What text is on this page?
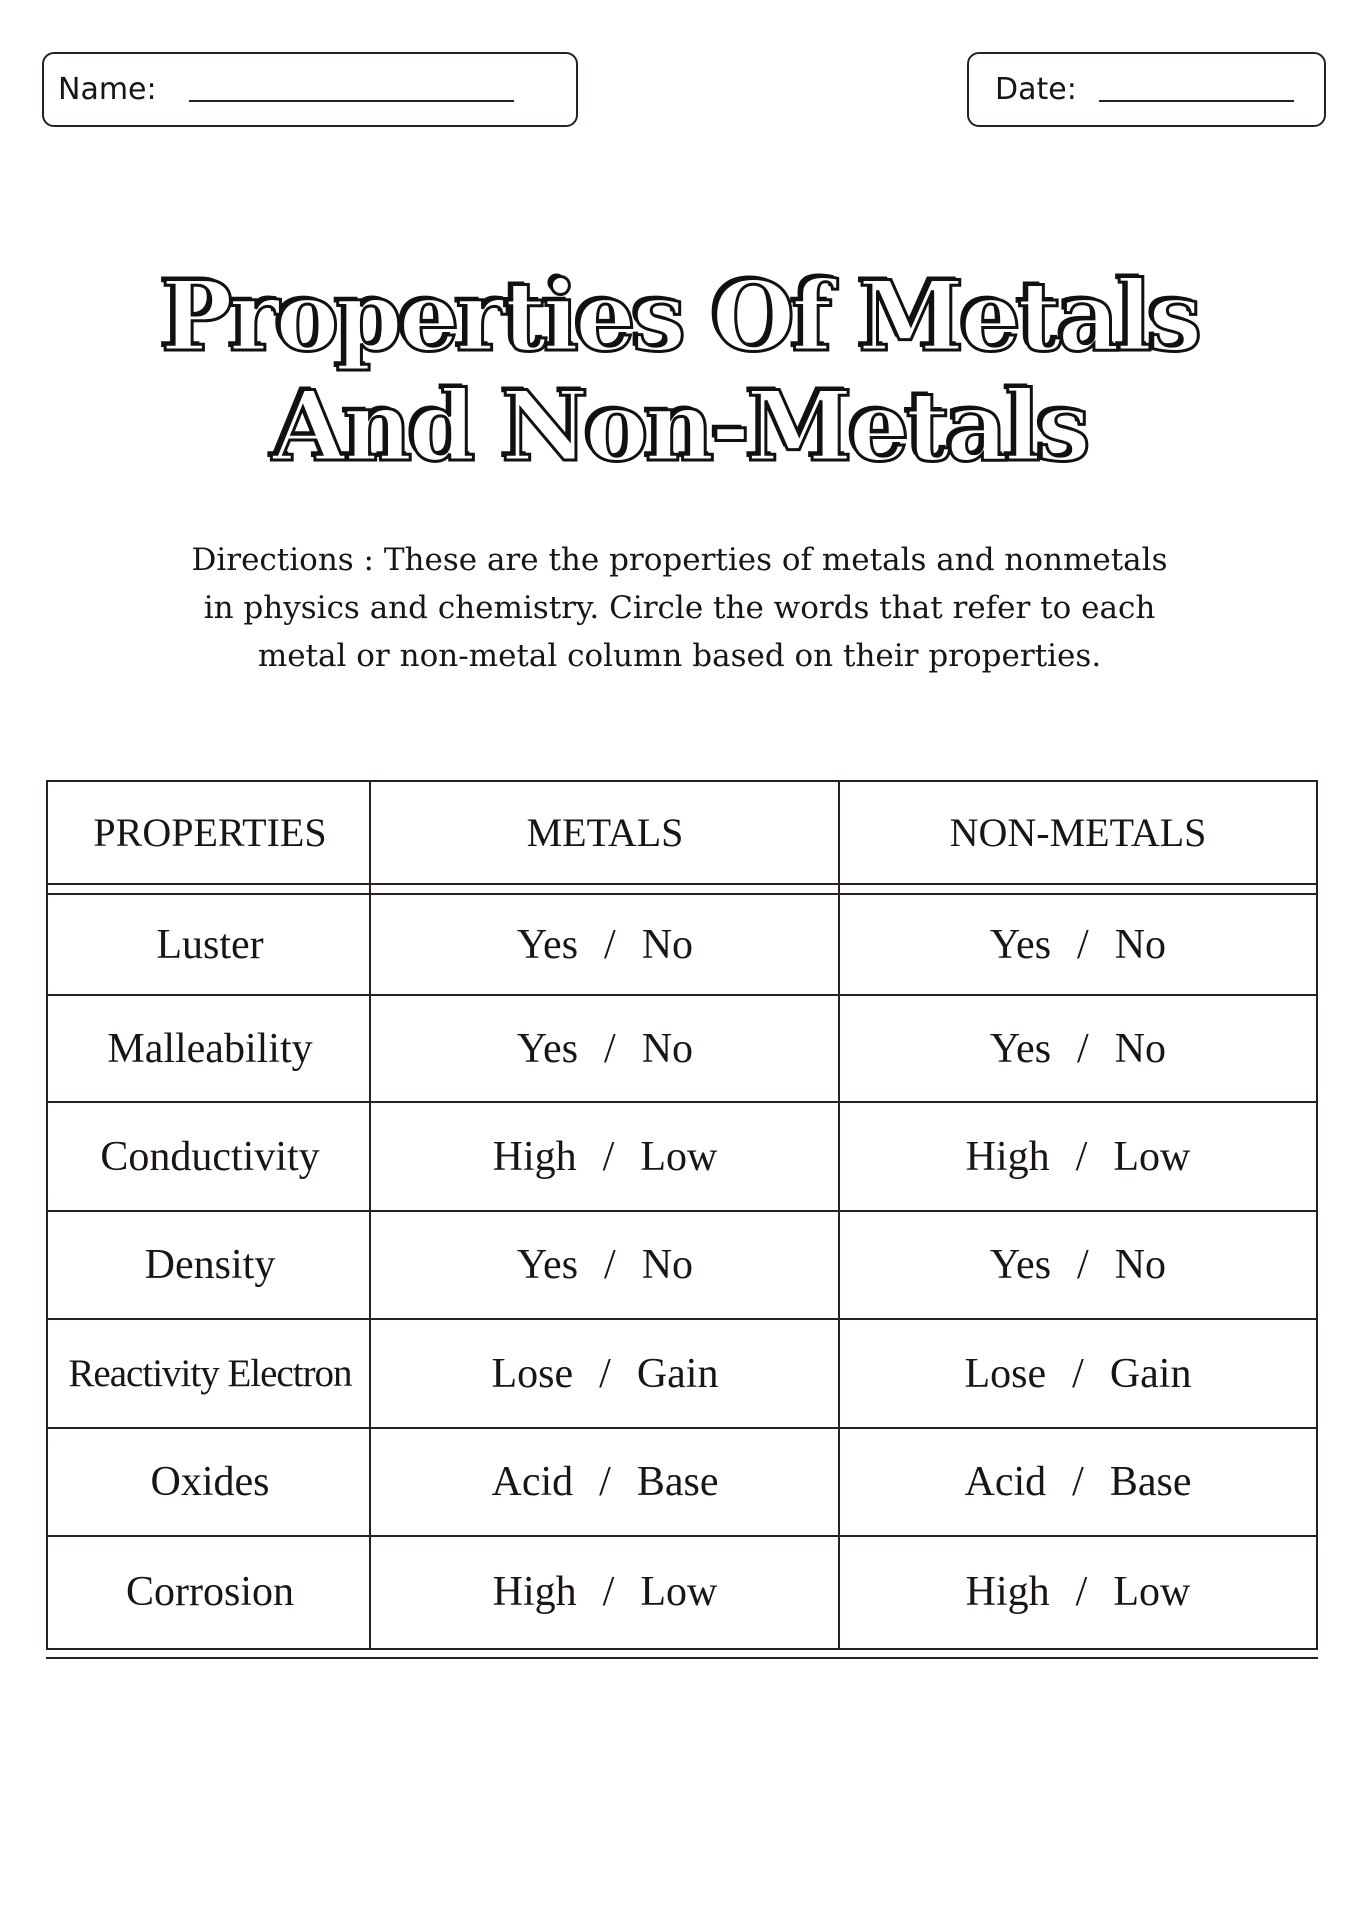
Name:	Date:
Properties Of Metals
And Non-Metals
Directions : These are the properties of metals and nonmetals
in physics and chemistry. Circle the words that refer to each
metal or non-metal column based on their properties.
PROPERTIES	METALS	NON-METALS
Luster	Yes / No	Yes / No
Malleability	Yes / No	Yes / No
Conductivity	High / Low	High / Low
Density	Yes / No	Yes / No
Reactivity Electron	Lose / Gain	Lose / Gain
Oxides	Acid / Base	Acid / Base
Corrosion	High / Low	High / Low
